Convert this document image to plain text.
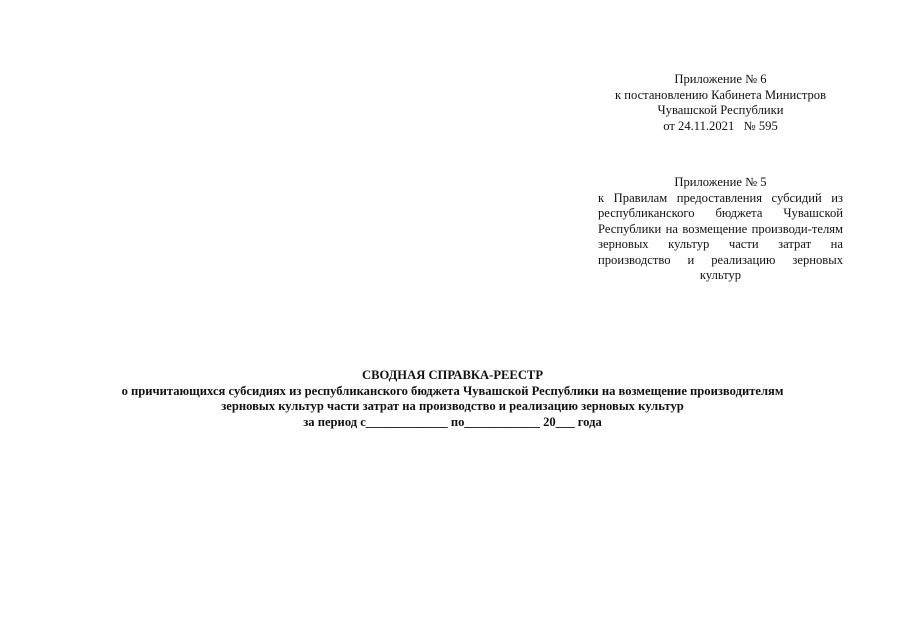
Приложение № 6
к постановлению Кабинета Министров
Чувашской Республики
от 24.11.2021   № 595
Приложение № 5
к Правилам предоставления субсидий из республиканского бюджета Чувашской Республики на возмещение производи-телям зерновых культур части затрат на производство и реализацию зерновых культур
СВОДНАЯ СПРАВКА-РЕЕСТР
о причитающихся субсидиях из республиканского бюджета Чувашской Республики на возмещение производителям
зерновых культур части затрат на производство и реализацию зерновых культур
за период с_____________ по____________ 20___ года
